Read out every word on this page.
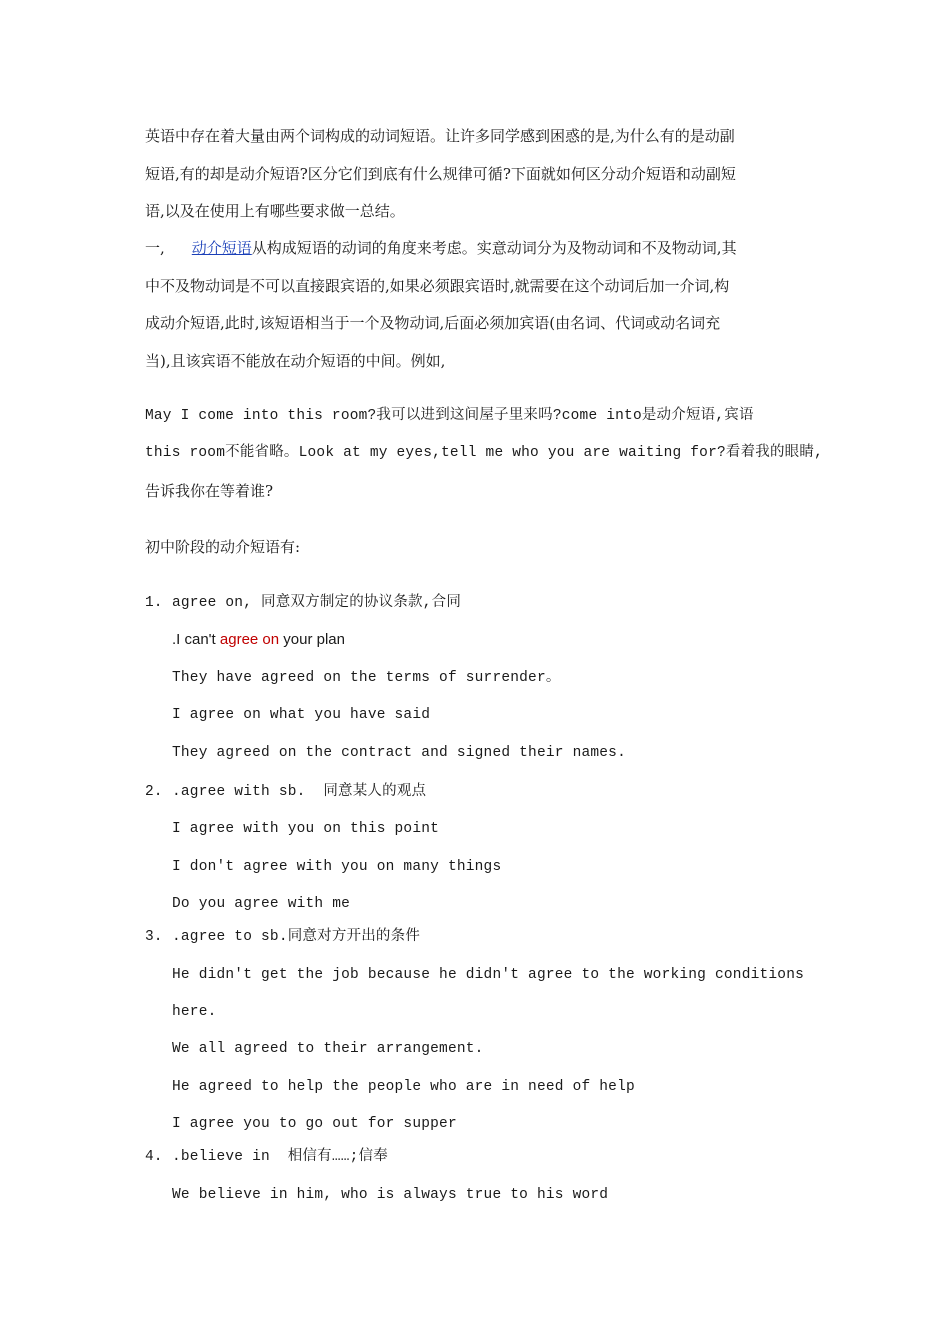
英语中存在着大量由两个词构成的动词短语。让许多同学感到困惑的是,为什么有的是动副
短语,有的却是动介短语?区分它们到底有什么规律可循?下面就如何区分动介短语和动副短
语,以及在使用上有哪些要求做一总结。
一, 动介短语从构成短语的动词的角度来考虑。实意动词分为及物动词和不及物动词,其
中不及物动词是不可以直接跟宾语的,如果必须跟宾语时,就需要在这个动词后加一介词,构
成动介短语,此时,该短语相当于一个及物动词,后面必须加宾语(由名词、代词或动名词充
当),且该宾语不能放在动介短语的中间。例如,
May I come into this room?我可以进到这间屋子里来吗?come into是动介短语,宾语
this room不能省略。Look at my eyes,tell me who you are waiting for?看着我的眼睛,
告诉我你在等着谁?
初中阶段的动介短语有:
1. agree on, 同意双方制定的协议条款,合同
.I can't agree on your plan
They have agreed on the terms of surrender。
I agree on what you have said
They agreed on the contract and signed their names.
2. .agree with sb.  同意某人的观点
I agree with you on this point
I don't agree with you on many things
Do you agree with me
3. .agree to sb.同意对方开出的条件
He didn't get the job because he didn't agree to the working conditions
here.
We all agreed to their arrangement.
He agreed to help the people who are in need of help
I agree you to go out for supper
4. .believe in  相信有……;信奉
We believe in him, who is always true to his word
